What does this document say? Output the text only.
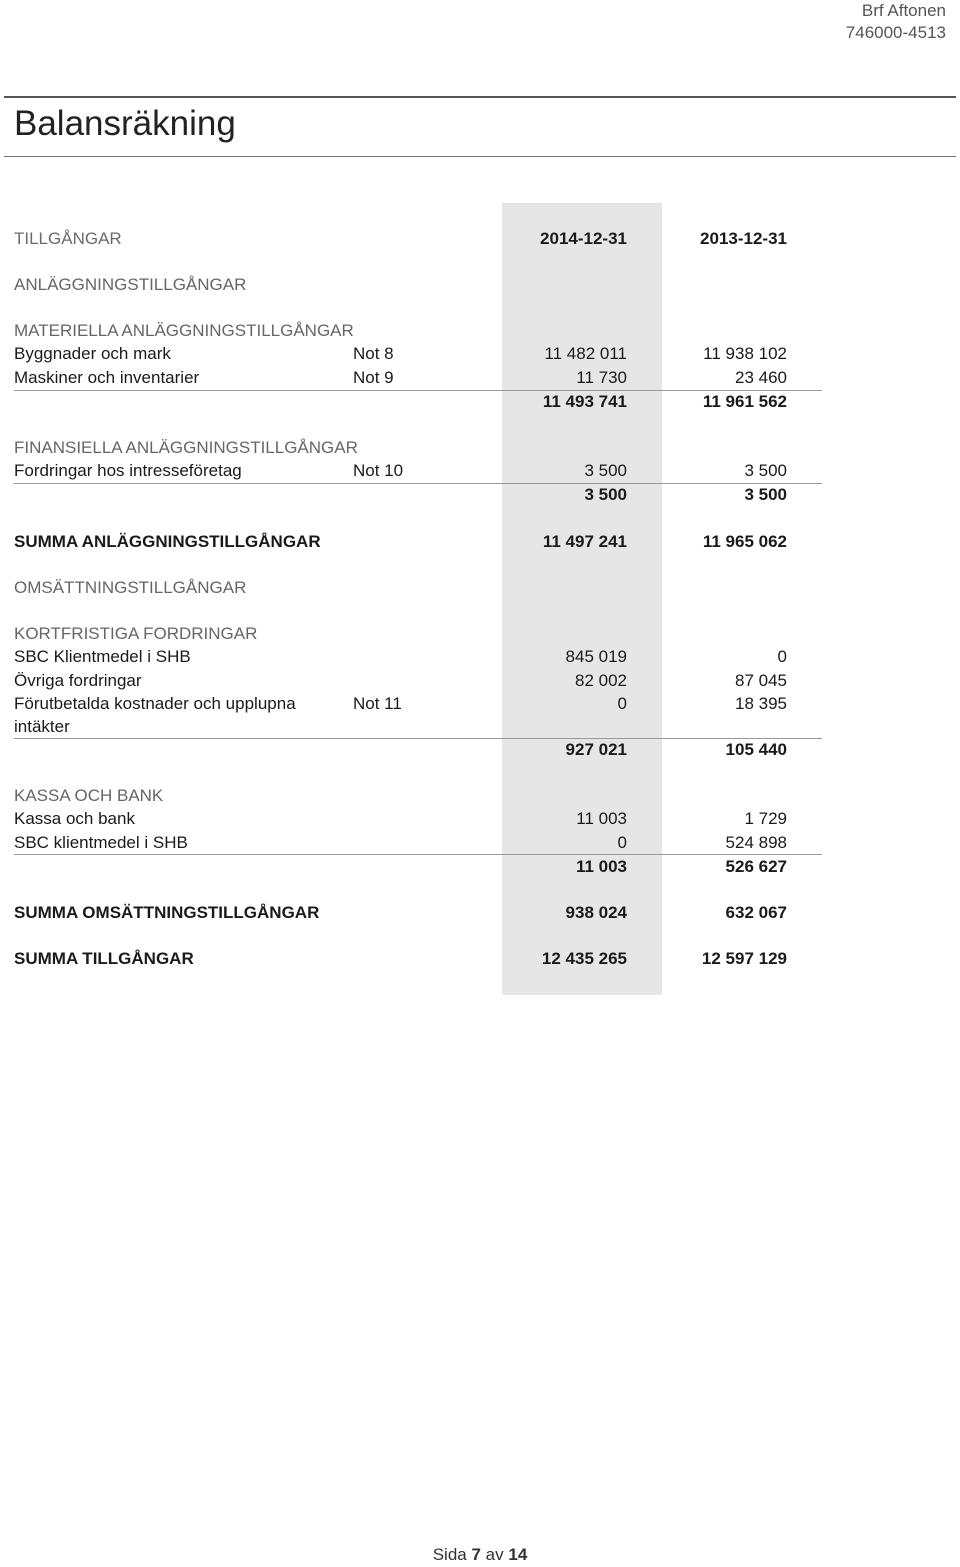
Brf Aftonen
746000-4513
Balansräkning
TILLGÅNGAR	2014-12-31	2013-12-31
ANLÄGGNINGSTILLGÅNGAR
MATERIELLA ANLÄGGNINGSTILLGÅNGAR
Byggnader och mark	Not 8	11 482 011	11 938 102
Maskiner och inventarier	Not 9	11 730	23 460
11 493 741	11 961 562
FINANSIELLA ANLÄGGNINGSTILLGÅNGAR
Fordringar hos intresseföretag	Not 10	3 500	3 500
3 500	3 500
SUMMA ANLÄGGNINGSTILLGÅNGAR	11 497 241	11 965 062
OMSÄTTNINGSTILLGÅNGAR
KORTFRISTIGA FORDRINGAR
SBC Klientmedel i SHB	845 019	0
Övriga fordringar	82 002	87 045
Förutbetalda kostnader och upplupna	Not 11	0	18 395
intäkter
927 021	105 440
KASSA OCH BANK
Kassa och bank	11 003	1 729
SBC klientmedel i SHB	0	524 898
11 003	526 627
SUMMA OMSÄTTNINGSTILLGÅNGAR	938 024	632 067
SUMMA TILLGÅNGAR	12 435 265	12 597 129
Sida 7 av 14
